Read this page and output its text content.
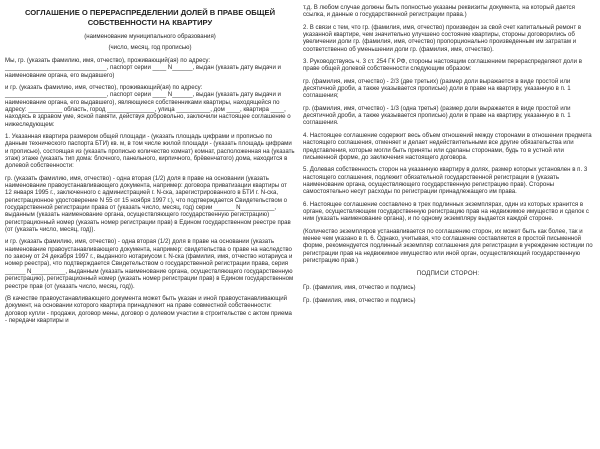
СОГЛАШЕНИЕ О ПЕРЕРАСПРЕДЕЛЕНИИ ДОЛЕЙ В ПРАВЕ ОБЩЕЙ СОБСТВЕННОСТИ НА КВАРТИРУ
(наименование муниципального образования)
(число, месяц, год прописью)
Мы, гр. (указать фамилию, имя, отчество), проживающий(ая) по адресу: ______________________________, паспорт серии ____ N______, выдан (указать дату выдачи и наименование органа, его выдавшего)
и гр. (указать фамилию, имя, отчество), проживающий(ая) по адресу: ______________________________, паспорт серии ____ N______, выдан (указать дату выдачи и наименование органа, его выдавшего), являющиеся собственниками квартиры, находящейся по адресу: __________ область, город ______________, улица __________, дом ____, квартира ____, находясь в здравом уме, ясной памяти, действуя добровольно, заключили настоящее соглашение о нижеследующем:
1. Указанная квартира размером общей площади - (указать площадь цифрами и прописью по данным технического паспорта БТИ) кв. м, в том числе жилой площади - (указать площадь цифрами и прописью), состоящая из (указать прописью количество комнат) комнат, расположенная на (указать этаж) этаже (указать тип дома: блочного, панельного, кирпичного, брёвенчатого) дома, находится в долевой собственности:
гр. (указать фамилию, имя, отчество) - одна вторая (1/2) доля в праве на основании (указать наименование правоустанавливающего документа, например: договора приватизации квартиры от 12 января 1995 г., заключенного с администрацией г. N-ска, зарегистрированного в БТИ г. N-ска, регистрационное удостоверение N 55 от 15 ноября 1997 г.), что подтверждается Свидетельством о государственной регистрации права от (указать число, месяц, год) серии ______ N__________, выданным (указать наименование органа, осуществляющего государственную регистрацию) регистрационный номер (указать номер регистрации прав) в Едином государственном реестре прав (от (указать число, месяц, год)).
и гр. (указать фамилию, имя, отчество) - одна вторая (1/2) доля в праве на основании (указать наименование правоустанавливающего документа, например: свидетельства о праве на наследство по закону от 24 декабря 1997 г., выданного нотариусом г. N-ска (фамилия, имя, отчество нотариуса и номер реестра), что подтверждается Свидетельством о государственной регистрации права, серия ______ N__________, выданным (указать наименование органа, осуществляющего государственную регистрацию), регистрационный номер (указать номер регистрации прав) в Едином государственном реестре прав (от (указать число, месяц, год)).
(В качестве правоустанавливающего документа может быть указан и иной правоустанавливающий документ, на основании которого квартира принадлежит на праве совместной собственности: договор купли - продажи, договор мены, договор о долевом участии в строительстве с актом приема - передачи квартиры и
т.д. В любом случае должны быть полностью указаны реквизиты документа, на который дается ссылка, и данные о государственной регистрации права.)
2. В связи с тем, что гр. (фамилия, имя, отчество) произведен за свой счет капитальный ремонт в указанной квартире, чем значительно улучшено состояние квартиры, стороны договорились об увеличении доли гр. (фамилия, имя, отчество) пропорционально произведенным им затратам и соответственно об уменьшении доли гр. (фамилия, имя, отчество).
3. Руководствуясь ч. 3 ст. 254 ГК РФ, стороны настоящим соглашением перераспределяют доли в праве общей долевой собственности следующим образом:
гр. (фамилия, имя, отчество) - 2/3 (две третьих) (размер доли выражается в виде простой или десятичной дроби, а также указывается прописью) доли в праве на квартиру, указанную в п. 1 соглашения;
гр. (фамилия, имя, отчество) - 1/3 (одна третья) (размер доли выражается в виде простой или десятичной дроби, а также указывается прописью) доли в праве на квартиру, указанную в п. 1 соглашения.
4. Настоящее соглашение содержит весь объем отношений между сторонами в отношении предмета настоящего соглашения, отменяет и делает недействительными все другие обязательства или представления, которые могли быть приняты или сделаны сторонами, будь то в устной или письменной форме, до заключения настоящего договора.
5. Долевая собственность сторон на указанную квартиру в долях, размер которых установлен в п. 3 настоящего соглашения, подлежит обязательной государственной регистрации в (указать наименование органа, осуществляющего государственную регистрацию прав). Стороны самостоятельно несут расходы по регистрации принадлежащего им права.
6. Настоящее соглашение составлено в трех подлинных экземплярах, один из которых хранится в органе, осуществляющем государственную регистрацию прав на недвижимое имущество и сделок с ним (указать наименование органа), и по одному экземпляру выдается каждой стороне.
(Количество экземпляров устанавливается по соглашению сторон, их может быть как более, так и менее чем указано в п. 6. Однако, учитывая, что соглашение составляется в простой письменной форме, рекомендуется подлинный экземпляр соглашения для регистрации в учреждение юстиции по регистрации прав на недвижимое имущество или иной орган, осуществляющий государственную регистрацию прав.)
ПОДПИСИ СТОРОН:
Гр. (фамилия, имя, отчество и подпись)
Гр. (фамилия, имя, отчество и подпись)
